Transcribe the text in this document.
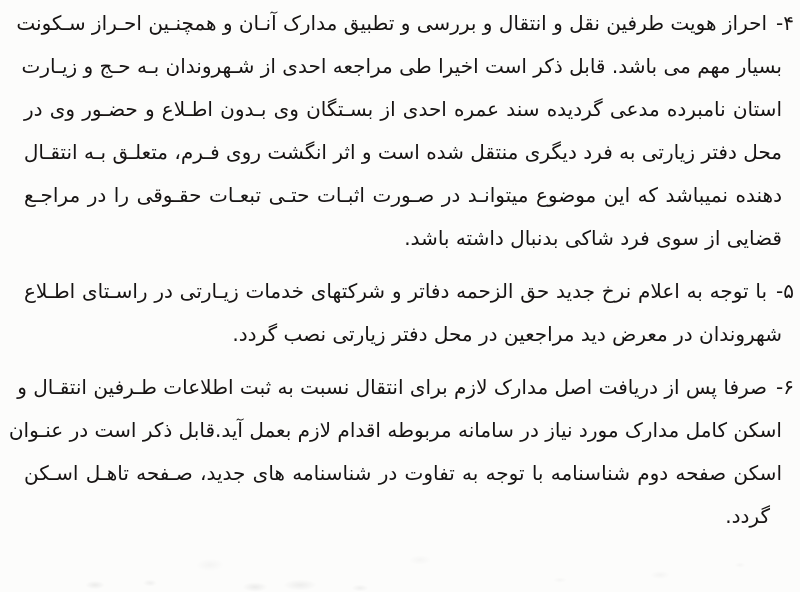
۴-احراز هویت طرفین نقل و انتقال و بررسی و تطبیق مدارک آنـان و همچنـین احـراز سـکونت
بسیار مهم می باشد. قابل ذکر است اخیرا طی مراجعه احدی از شـهروندان بـه حـج و زیـارت
استان نامبرده مدعی گردیده سند عمره احدی از بسـتگان وی بـدون اطـلاع و حضـور وی در
محل دفتر زیارتی به فرد دیگری منتقل شده است و اثر انگشت روی فـرم، متعلـق بـه انتقـال
دهنده نمیباشد که این موضوع میتوانـد در صـورت اثبـات حتـی تبعـات حقـوقی را در مراجـع
قضایی از سوی فرد شاکی بدنبال داشته باشد.
۵-با توجه به اعلام نرخ جدید حق الزحمه دفاتر و شرکتهای خدمات زیـارتی در راسـتای اطـلاع
شهروندان در معرض دید مراجعین در محل دفتر زیارتی نصب گردد.
۶-صرفا پس از دریافت اصل مدارک لازم برای انتقال نسبت به ثبت اطلاعات طـرفین انتقـال و
اسکن کامل مدارک مورد نیاز در سامانه مربوطه اقدام لازم بعمل آید.قابل ذکر است در عنـوان
اسکن صفحه دوم شناسنامه با توجه به تفاوت در شناسنامه های جدید، صـفحه تاهـل اسـکن
گردد.
